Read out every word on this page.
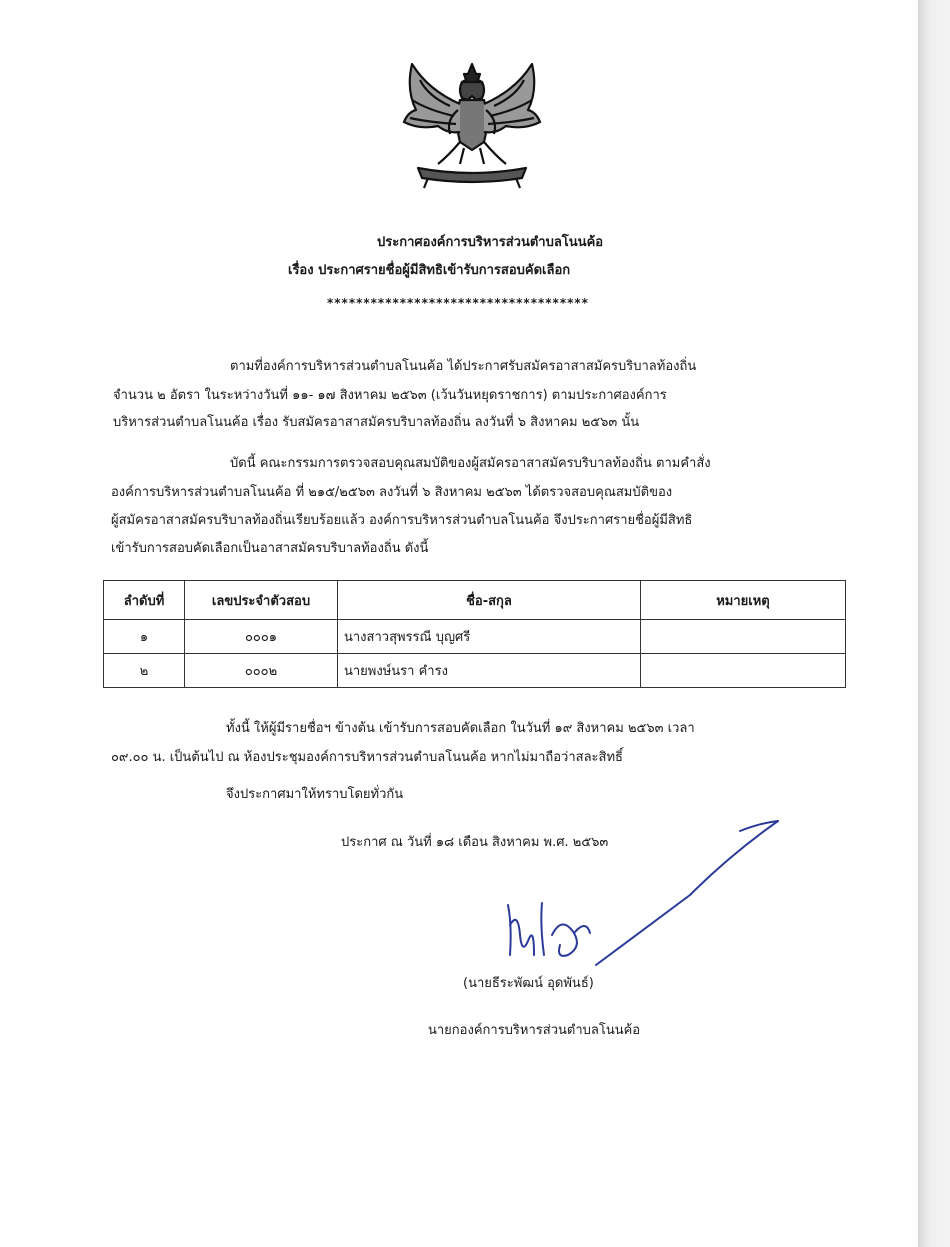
ประกาศองค์การบริหารส่วนตำบลโนนค้อ
เรื่อง ประกาศรายชื่อผู้มีสิทธิเข้ารับการสอบคัดเลือก
************************************
ตามที่องค์การบริหารส่วนตำบลโนนค้อ ได้ประกาศรับสมัครอาสาสมัครบริบาลท้องถิ่น
จำนวน ๒ อัตรา ในระหว่างวันที่ ๑๑- ๑๗ สิงหาคม ๒๕๖๓ (เว้นวันหยุดราชการ) ตามประกาศองค์การ
บริหารส่วนตำบลโนนค้อ เรื่อง รับสมัครอาสาสมัครบริบาลท้องถิ่น ลงวันที่ ๖ สิงหาคม ๒๕๖๓ นั้น
บัดนี้ คณะกรรมการตรวจสอบคุณสมบัติของผู้สมัครอาสาสมัครบริบาลท้องถิ่น ตามคำสั่ง
องค์การบริหารส่วนตำบลโนนค้อ ที่ ๒๑๕/๒๕๖๓ ลงวันที่ ๖ สิงหาคม ๒๕๖๓ ได้ตรวจสอบคุณสมบัติของ
ผู้สมัครอาสาสมัครบริบาลท้องถิ่นเรียบร้อยแล้ว องค์การบริหารส่วนตำบลโนนค้อ จึงประกาศรายชื่อผู้มีสิทธิ
เข้ารับการสอบคัดเลือกเป็นอาสาสมัครบริบาลท้องถิ่น ดังนี้
ลำดับที่	เลขประจำตัวสอบ	ชื่อ-สกุล	หมายเหตุ
๑	๐๐๐๑	นางสาวสุพรรณี บุญศรี	
๒	๐๐๐๒	นายพงษ์นรา คำรง	
ทั้งนี้ ให้ผู้มีรายชื่อฯ ข้างต้น เข้ารับการสอบคัดเลือก ในวันที่ ๑๙ สิงหาคม ๒๕๖๓ เวลา
๐๙.๐๐ น. เป็นต้นไป ณ ห้องประชุมองค์การบริหารส่วนตำบลโนนค้อ หากไม่มาถือว่าสละสิทธิ์
จึงประกาศมาให้ทราบโดยทั่วกัน
ประกาศ ณ วันที่ ๑๘ เดือน สิงหาคม พ.ศ. ๒๕๖๓
(นายธีระพัฒน์ อุดพันธ์)
นายกองค์การบริหารส่วนตำบลโนนค้อ
